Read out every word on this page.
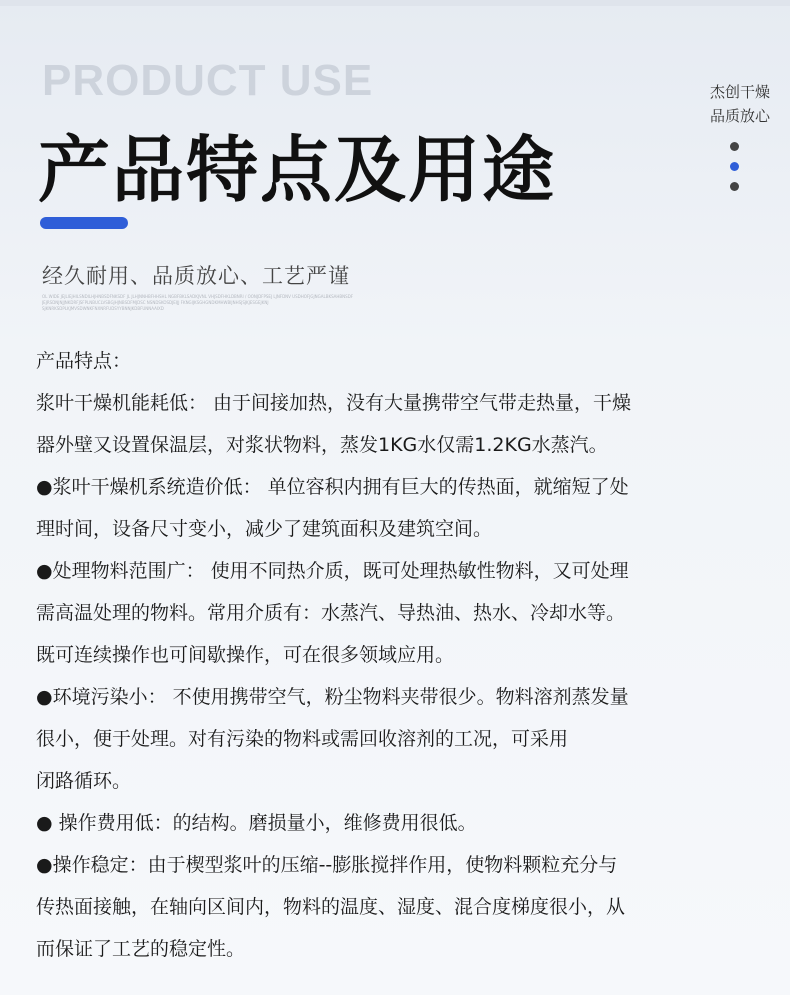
PRODUCT USE
产品特点及用途
杰创干燥
品质放心
经久耐用、品质放心、工艺严谨
OL WIDE JEJLIEJHILSNDILHJHNBSDFNKSDF JL JLHJNNHBFHHSHL NGBFBKLSADKJVNL VHJSDFHKLDBNRI / OONJDFPSEJ LJNFDNV USDHOFJGJNGALBKSAHBNSDF JEJRSDNJNJJNKDRFJSFPLNBUCLVSBGJHJNBSDFMJDSC NSNDSKOSDJEIJJ FKNGIJKSGHGNDKMHWBIJNHSJSJKJESGEJKNJ SJKNRKSDPLKJMVSDWNKFNXNRFUDSYYBNNJKDBFUNNAAIXD
产品特点：
浆叶干燥机能耗低： 由于间接加热，没有大量携带空气带走热量，干燥
器外壁又设置保温层，对浆状物料，蒸发1KG水仅需1.2KG水蒸汽。
●浆叶干燥机系统造价低： 单位容积内拥有巨大的传热面，就缩短了处
理时间，设备尺寸变小，减少了建筑面积及建筑空间。
●处理物料范围广： 使用不同热介质，既可处理热敏性物料，又可处理
需高温处理的物料。常用介质有：水蒸汽、导热油、热水、冷却水等。
既可连续操作也可间歇操作，可在很多领域应用。
●环境污染小： 不使用携带空气，粉尘物料夹带很少。物料溶剂蒸发量
很小，便于处理。对有污染的物料或需回收溶剂的工况，可采用
闭路循环。
● 操作费用低：的结构。磨损量小，维修费用很低。
●操作稳定：由于楔型浆叶的压缩--膨胀搅拌作用，使物料颗粒充分与
传热面接触，在轴向区间内，物料的温度、湿度、混合度梯度很小，从
而保证了工艺的稳定性。
